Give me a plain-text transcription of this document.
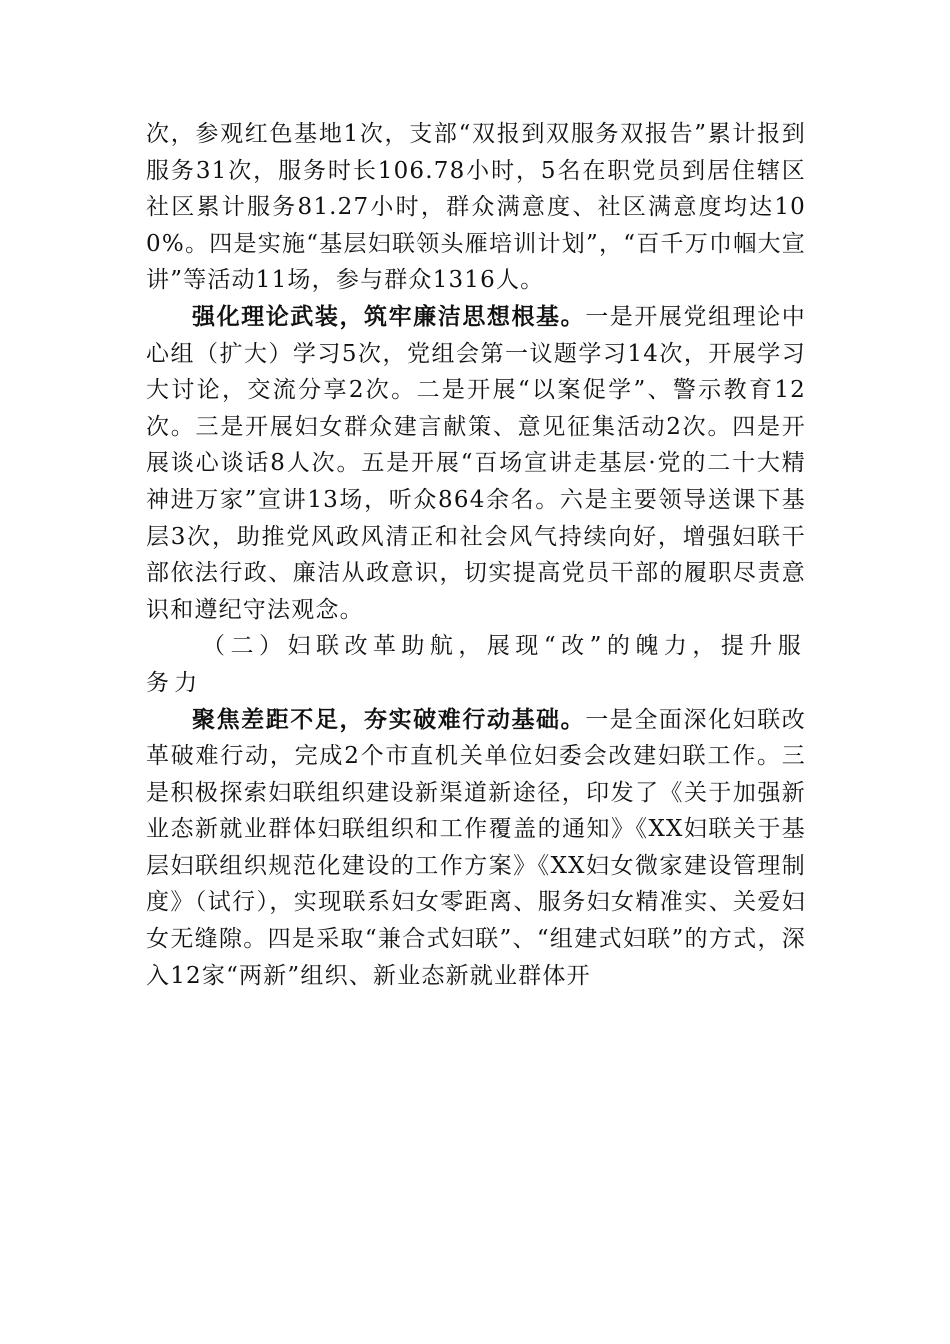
次，参观红色基地1次，支部“双报到双服务双报告”累计报到服务31次，服务时长106.78小时，5名在职党员到居住辖区社区累计服务81.27小时，群众满意度、社区满意度均达100%。四是实施“基层妇联领头雁培训计划”，“百千万巾帼大宣讲”等活动11场，参与群众1316人。

强化理论武装，筑牢廉洁思想根基。一是开展党组理论中心组（扩大）学习5次，党组会第一议题学习14次，开展学习大讨论，交流分享2次。二是开展“以案促学”、警示教育12次。三是开展妇女群众建言献策、意见征集活动2次。四是开展谈心谈话8人次。五是开展“百场宣讲走基层·党的二十大精神进万家”宣讲13场，听众864余名。六是主要领导送课下基层3次，助推党风政风清正和社会风气持续向好，增强妇联干部依法行政、廉洁从政意识，切实提高党员干部的履职尽责意识和遵纪守法观念。

（二）妇联改革助航，展现“改”的魄力，提升服务力

聚焦差距不足，夯实破难行动基础。一是全面深化妇联改革破难行动，完成2个市直机关单位妇委会改建妇联工作。三是积极探索妇联组织建设新渠道新途径，印发了《关于加强新业态新就业群体妇联组织和工作覆盖的通知》《XX妇联关于基层妇联组织规范化建设的工作方案》《XX妇女微家建设管理制度》（试行），实现联系妇女零距离、服务妇女精准实、关爱妇女无缝隙。四是采取“兼合式妇联”、“组建式妇联”的方式，深入12家“两新”组织、新业态新就业群体开
